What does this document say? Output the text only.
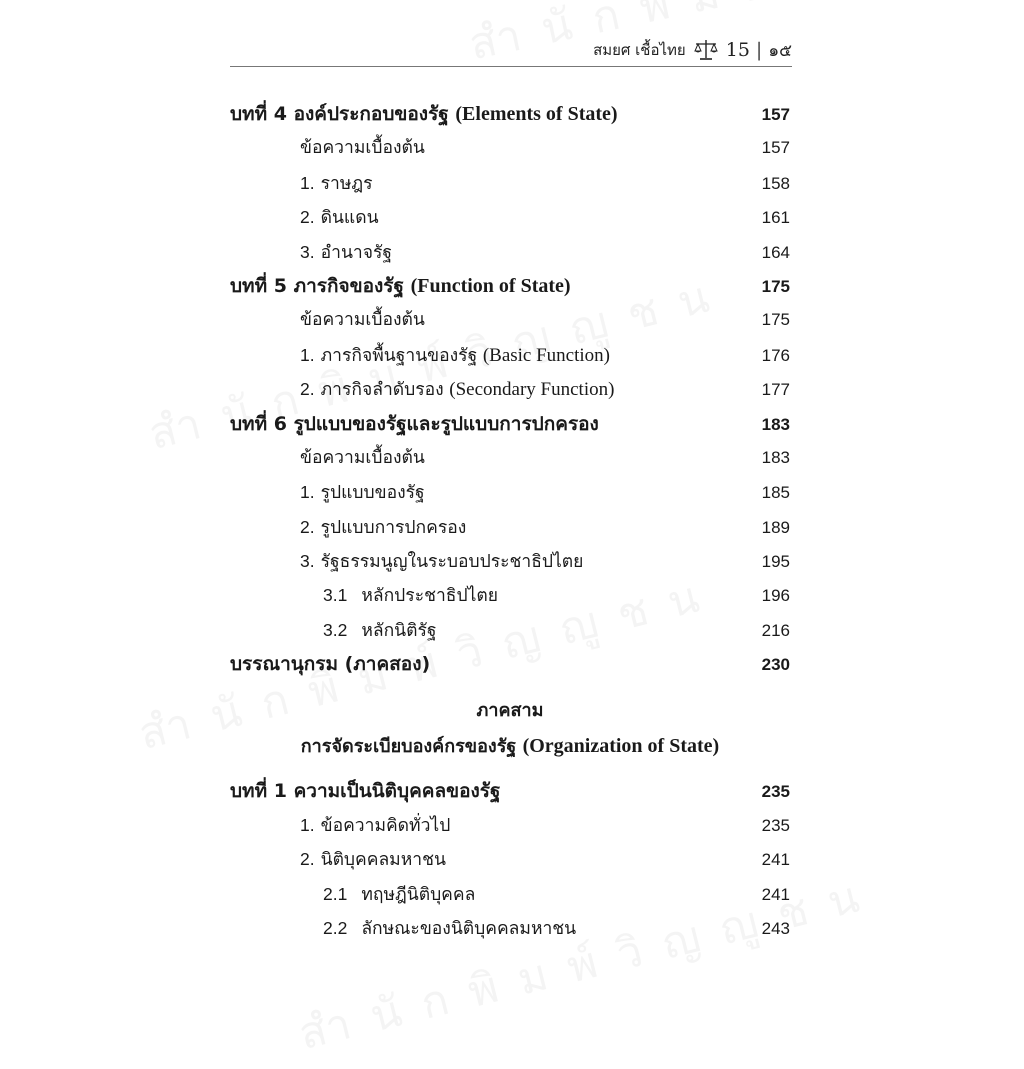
สมยศ เชื้อไทย 15 | ๑๕
บทที่ 4 องค์ประกอบของรัฐ (Elements of State)	157
ข้อความเบื้องต้น	157
1. ราษฎร	158
2. ดินแดน	161
3. อำนาจรัฐ	164
บทที่ 5 ภารกิจของรัฐ (Function of State)	175
ข้อความเบื้องต้น	175
1. ภารกิจพื้นฐานของรัฐ (Basic Function)	176
2. ภารกิจลำดับรอง (Secondary Function)	177
บทที่ 6 รูปแบบของรัฐและรูปแบบการปกครอง	183
ข้อความเบื้องต้น	183
1. รูปแบบของรัฐ	185
2. รูปแบบการปกครอง	189
3. รัฐธรรมนูญในระบอบประชาธิปไตย	195
3.1 หลักประชาธิปไตย	196
3.2 หลักนิติรัฐ	216
บรรณานุกรม (ภาคสอง)	230
ภาคสาม
การจัดระเบียบองค์กรของรัฐ (Organization of State)
บทที่ 1 ความเป็นนิติบุคคลของรัฐ	235
1. ข้อความคิดทั่วไป	235
2. นิติบุคคลมหาชน	241
2.1 ทฤษฎีนิติบุคคล	241
2.2 ลักษณะของนิติบุคคลมหาชน	243
